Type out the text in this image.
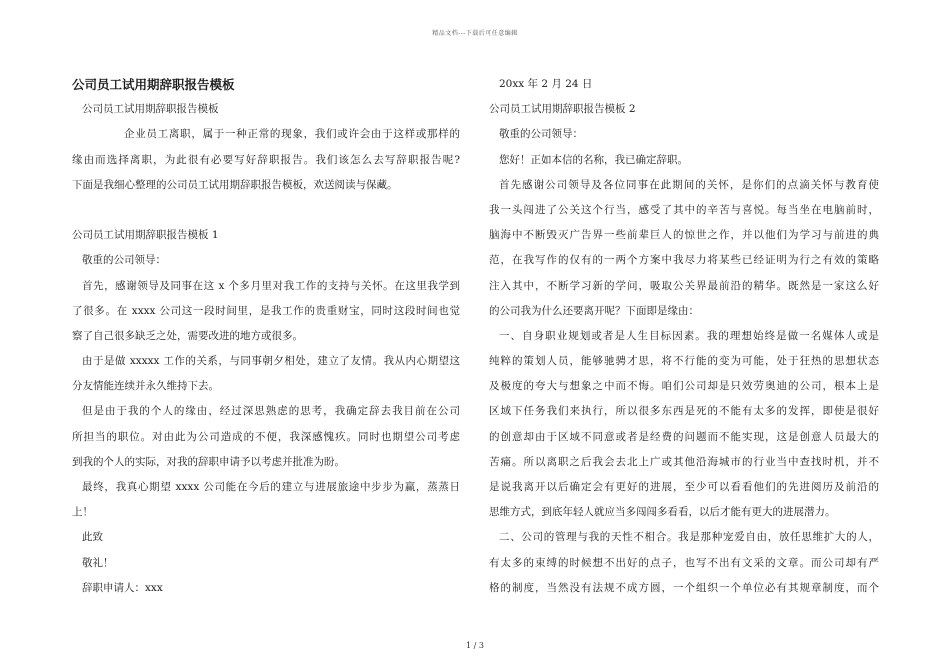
精品文档---下载后可任意编辑
公司员工试用期辞职报告模板
公司员工试用期辞职报告模板
企业员工离职，属于一种正常的现象，我们或许会由于这样或那样的
缘由而选择离职，为此很有必要写好辞职报告。我们该怎么去写辞职报告呢?
下面是我细心整理的公司员工试用期辞职报告模板，欢送阅读与保藏。
公司员工试用期辞职报告模板 1
敬重的公司领导：
首先，感谢领导及同事在这 x 个多月里对我工作的支持与关怀。在这里我学到
了很多。在 xxxx 公司这一段时间里，是我工作的贵重财宝，同时这段时间也觉
察了自己很多缺乏之处，需要改进的地方或很多。
由于是做 xxxxx 工作的关系，与同事朝夕相处，建立了友情。我从内心期望这
分友情能连续并永久维持下去。
但是由于我的个人的缘由，经过深思熟虑的思考，我确定辞去我目前在公司
所担当的职位。对由此为公司造成的不便，我深感愧疚。同时也期望公司考虑
到我的个人的实际，对我的辞职申请予以考虑并批准为盼。
最终，我真心期望 xxxx 公司能在今后的建立与进展旅途中步步为赢，蒸蒸日
上！
此致
敬礼！
辞职申请人：xxx
20xx 年 2 月 24 日
公司员工试用期辞职报告模板 2
敬重的公司领导：
您好！正如本信的名称，我已确定辞职。
首先感谢公司领导及各位同事在此期间的关怀，是你们的点滴关怀与教育使
我一头闯进了公关这个行当，感受了其中的辛苦与喜悦。每当坐在电脑前时，
脑海中不断毁灭广告界一些前辈巨人的惊世之作，并以他们为学习与前进的典
范，在我写作的仅有的一两个方案中我尽力将某些已经证明为行之有效的策略
注入其中，不断学习新的学问，吸取公关界最前沿的精华。既然是一家这么好
的公司我为什么还要离开呢？下面即是缘由：
一、自身职业规划或者是人生目标因素。我的理想始终是做一名媒体人或是
纯粹的策划人员，能够驰骋才思，将不行能的变为可能，处于狂热的思想状态
及极度的夸大与想象之中而不悔。咱们公司却是只效劳奥迪的公司，根本上是
区域下任务我们来执行，所以很多东西是死的不能有太多的发挥，即使是很好
的创意却由于区域不同意或者是经费的问题而不能实现，这是创意人员最大的
苦痛。所以离职之后我会去北上广或其他沿海城市的行业当中查找时机，并不
是说我离开以后确定会有更好的进展，至少可以看看他们的先进阅历及前沿的
思维方式，到底年轻人就应当多闯闯多看看，以后才能有更大的进展潜力。
二、公司的管理与我的天性不相合。我是那种宠爱自由，放任思维扩大的人，
有太多的束缚的时候想不出好的点子，也写不出有文采的文章。而公司却有严
格的制度，当然没有法规不成方圆，一个组织一个单位必有其规章制度，而个
1 / 3
